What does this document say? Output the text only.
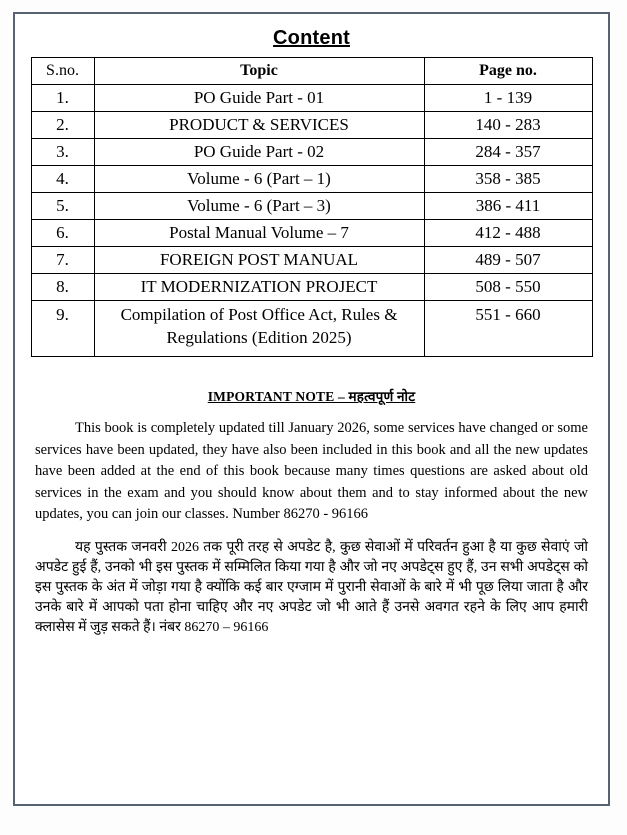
Content
S.no.	Topic	Page no.
1.	PO Guide Part - 01	1 - 139
2.	PRODUCT & SERVICES	140 - 283
3.	PO Guide Part - 02	284 - 357
4.	Volume - 6 (Part – 1)	358 - 385
5.	Volume - 6 (Part – 3)	386 - 411
6.	Postal Manual Volume – 7	412 - 488
7.	FOREIGN POST MANUAL	489 - 507
8.	IT MODERNIZATION PROJECT	508 - 550
9.	Compilation of Post Office Act, Rules & Regulations (Edition 2025)	551 - 660
IMPORTANT NOTE – महत्वपूर्ण नोट
This book is completely updated till January 2026, some services have changed or some services have been updated, they have also been included in this book and all the new updates have been added at the end of this book because many times questions are asked about old services in the exam and you should know about them and to stay informed about the new updates, you can join our classes. Number 86270 - 96166
यह पुस्तक जनवरी 2026 तक पूरी तरह से अपडेट है, कुछ सेवाओं में परिवर्तन हुआ है या कुछ सेवाएं जो अपडेट हुई हैं, उनको भी इस पुस्तक में सम्मिलित किया गया है और जो नए अपडेट्स हुए हैं, उन सभी अपडेट्स को इस पुस्तक के अंत में जोड़ा गया है क्योंकि कई बार एग्जाम में पुरानी सेवाओं के बारे में भी पूछ लिया जाता है और उनके बारे में आपको पता होना चाहिए और नए अपडेट जो भी आते हैं उनसे अवगत रहने के लिए आप हमारी क्लासेस में जुड़ सकते हैं। नंबर 86270 – 96166
